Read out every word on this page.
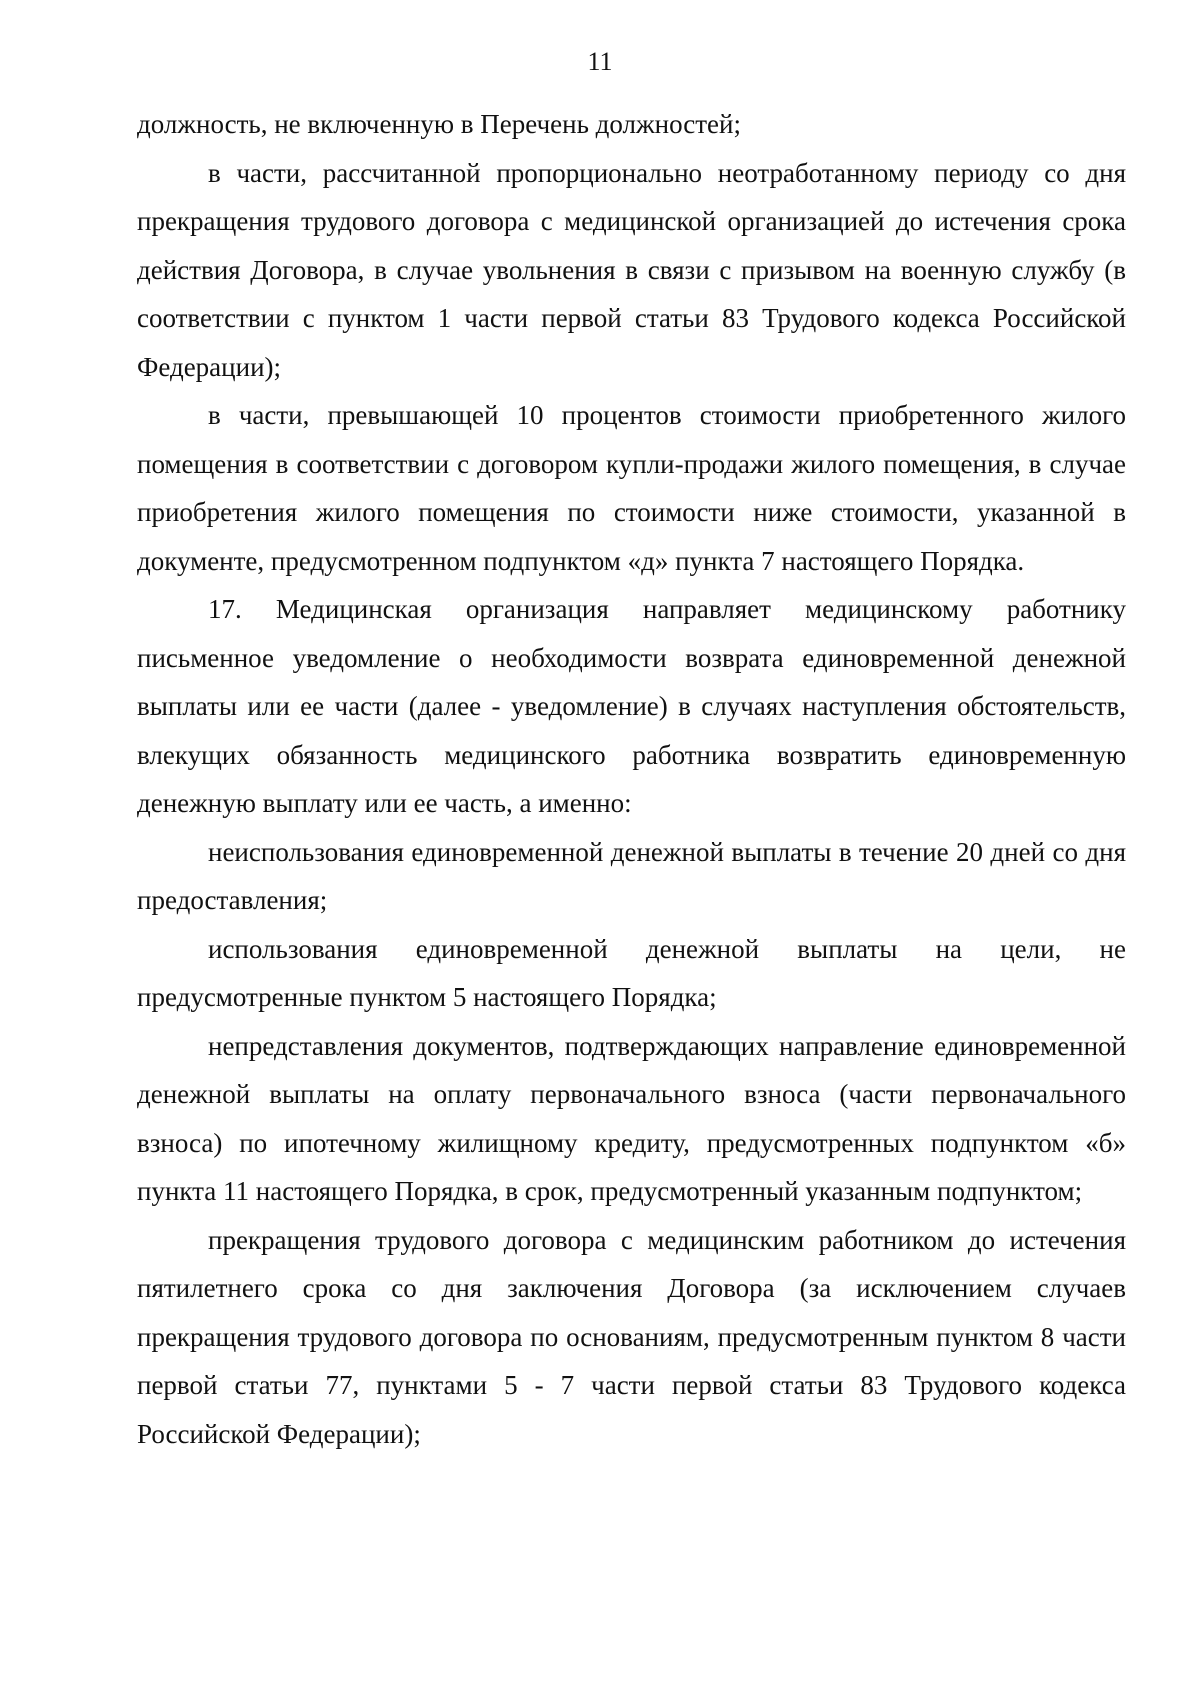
11

должность, не включенную в Перечень должностей;

в части, рассчитанной пропорционально неотработанному периоду со дня прекращения трудового договора с медицинской организацией до истечения срока действия Договора, в случае увольнения в связи с призывом на военную службу (в соответствии с пунктом 1 части первой статьи 83 Трудового кодекса Российской Федерации);

в части, превышающей 10 процентов стоимости приобретенного жилого помещения в соответствии с договором купли-продажи жилого помещения, в случае приобретения жилого помещения по стоимости ниже стоимости, указанной в документе, предусмотренном подпунктом «д» пункта 7 настоящего Порядка.

17. Медицинская организация направляет медицинскому работнику письменное уведомление о необходимости возврата единовременной денежной выплаты или ее части (далее - уведомление) в случаях наступления обстоятельств, влекущих обязанность медицинского работника возвратить единовременную денежную выплату или ее часть, а именно:

неиспользования единовременной денежной выплаты в течение 20 дней со дня предоставления;

использования единовременной денежной выплаты на цели, не предусмотренные пунктом 5 настоящего Порядка;

непредставления документов, подтверждающих направление единовременной денежной выплаты на оплату первоначального взноса (части первоначального взноса) по ипотечному жилищному кредиту, предусмотренных подпунктом «б» пункта 11 настоящего Порядка, в срок, предусмотренный указанным подпунктом;

прекращения трудового договора с медицинским работником до истечения пятилетнего срока со дня заключения Договора (за исключением случаев прекращения трудового договора по основаниям, предусмотренным пунктом 8 части первой статьи 77, пунктами 5 - 7 части первой статьи 83 Трудового кодекса Российской Федерации);
